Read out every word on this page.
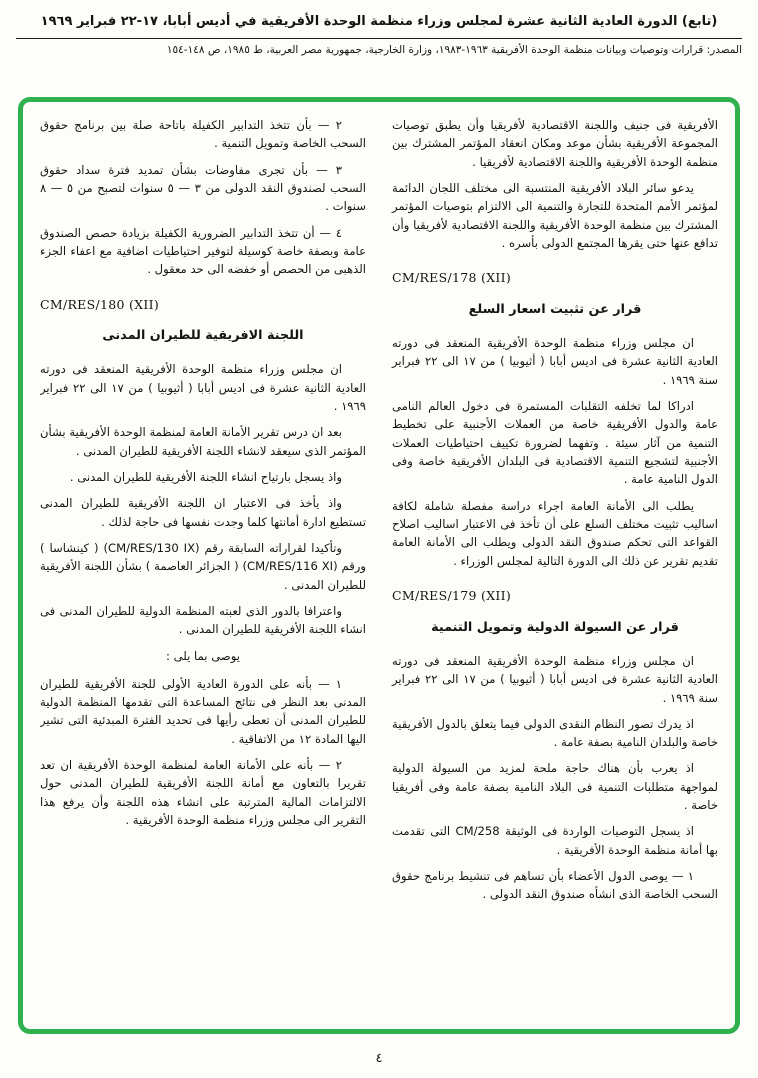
(تابع) الدورة العادية الثانية عشرة لمجلس وزراء منظمة الوحدة الأفريقية في أديس أبابا، ١٧-٢٢ فبراير ١٩٦٩
المصدر: قرارات وتوصيات وبيانات منظمة الوحدة الأفريقية ١٩٦٣-١٩٨٣، وزارة الخارجية، جمهورية مصر العربية، ط ١٩٨٥، ص ١٤٨-١٥٤

الأفريقية فى جنيف واللجنة الاقتصادية لأفريقيا وأن يطبق توصيات المجموعة الأفريقية بشأن موعد ومكان انعقاد المؤتمر المشترك بين منظمة الوحدة الأفريقية واللجنة الاقتصادية لأفريقيا .

يدعو سائر البلاد الأفريقية المنتسبة الى مختلف اللجان الدائمة لمؤتمر الأمم المتحدة للتجارة والتنمية الى الالتزام بتوصيات المؤتمر المشترك بين منظمة الوحدة الأفريقية واللجنة الاقتصادية لأفريقيا وأن تدافع عنها حتى يقرها المجتمع الدولى بأسره .

CM/RES/178 (XII)
قرار عن تثبيت اسعار السلع

ان مجلس وزراء منظمة الوحدة الأفريقية المنعقد فى دورته العادية الثانية عشرة فى اديس أبابا ( أثيوبيا ) من ١٧ الى ٢٢ فبراير سنة ١٩٦٩ .

ادراكا لما تخلفه التقلبات المستمرة فى دخول العالم النامى عامة والدول الأفريقية خاصة من العملات الأجنبية على تخطيط التنمية من آثار سيئة . وتفهما لضرورة تكييف احتياطيات العملات الأجنبية لتشجيع التنمية الاقتصادية فى البلدان الأفريقية خاصة وفى الدول النامية عامة .

يطلب الى الأمانة العامة اجراء دراسة مفصلة شاملة لكافة اساليب تثبيت مختلف السلع على أن تأخذ فى الاعتبار اساليب اصلاح القواعد التى تحكم صندوق النقد الدولى ويطلب الى الأمانة العامة تقديم تقرير عن ذلك الى الدورة التالية لمجلس الوزراء .

CM/RES/179 (XII)
قرار عن السيولة الدولية وتمويل التنمية

ان مجلس وزراء منظمة الوحدة الأفريقية المنعقد فى دورته العادية الثانية عشرة فى اديس أبابا ( أثيوبيا ) من ١٧ الى ٢٢ فبراير سنة ١٩٦٩ .

اذ يدرك تصور النظام النقدى الدولى فيما يتعلق بالدول الأفريقية خاصة والبلدان النامية بصفة عامة .

اذ يعرب بأن هناك حاجة ملحة لمزيد من السيولة الدولية لمواجهة متطلبات التنمية فى البلاد النامية بصفة عامة وفى أفريقيا خاصة .

اذ يسجل التوصيات الواردة فى الوثيقة CM/258 التى تقدمت بها أمانة منظمة الوحدة الأفريقية .

١ — يوصى الدول الأعضاء بأن تساهم فى تنشيط برنامج حقوق السحب الخاصة الذى انشأه صندوق النقد الدولى .

٢ — بأن تتخذ التدابير الكفيلة باتاحة صلة بين برنامج حقوق السحب الخاصة وتمويل التنمية .

٣ — بأن تجرى مفاوضات بشأن تمديد فترة سداد حقوق السحب لصندوق النقد الدولى من ٣ — ٥ سنوات لتصبح من ٥ — ٨ سنوات .

٤ — أن تتخذ التدابير الضرورية الكفيلة بزيادة حصص الصندوق عامة وبصفة خاصة كوسيلة لتوفير احتياطيات اضافية مع اعفاء الجزء الذهبى من الحصص أو خفضه الى حد معقول .

CM/RES/180 (XII)
اللجنة الافريقية للطيران المدنى

ان مجلس وزراء منظمة الوحدة الأفريقية المنعقد فى دورته العادية الثانية عشرة فى اديس أبابا ( أثيوبيا ) من ١٧ الى ٢٢ فبراير ١٩٦٩ .

بعد ان درس تقرير الأمانة العامة لمنظمة الوحدة الأفريقية بشأن المؤتمر الذى سيعقد لانشاء اللجنة الأفريقية للطيران المدنى .

واذ يسجل بارتياح انشاء اللجنة الأفريقية للطيران المدنى .

واذ يأخذ فى الاعتبار ان اللجنة الأفريقية للطيران المدنى تستطيع ادارة أمانتها كلما وجدت نفسها فى حاجة لذلك .

وتأكيدا لقراراته السابقة رقم (CM/RES/130 IX) ( كينشاسا ) ورقم (CM/RES/116 XI) ( الجزائر العاصمة ) بشأن اللجنة الأفريقية للطيران المدنى .

واعترافا بالدور الذى لعبته المنظمة الدولية للطيران المدنى فى انشاء اللجنة الأفريقية للطيران المدنى .

يوصى بما يلى :

١ — بأنه على الدورة العادية الأولى للجنة الأفريقية للطيران المدنى بعد النظر فى نتائج المساعدة التى تقدمها المنظمة الدولية للطيران المدنى أن تعطى رأيها فى تحديد الفترة المبدئية التى تشير اليها المادة ١٢ من الاتفاقية .

٢ — بأنه على الأمانة العامة لمنظمة الوحدة الأفريقية ان تعد تقريرا بالتعاون مع أمانة اللجنة الأفريقية للطيران المدنى حول الالتزامات المالية المترتبة على انشاء هذه اللجنة وأن يرفع هذا التقرير الى مجلس وزراء منظمة الوحدة الأفريقية .

٤
